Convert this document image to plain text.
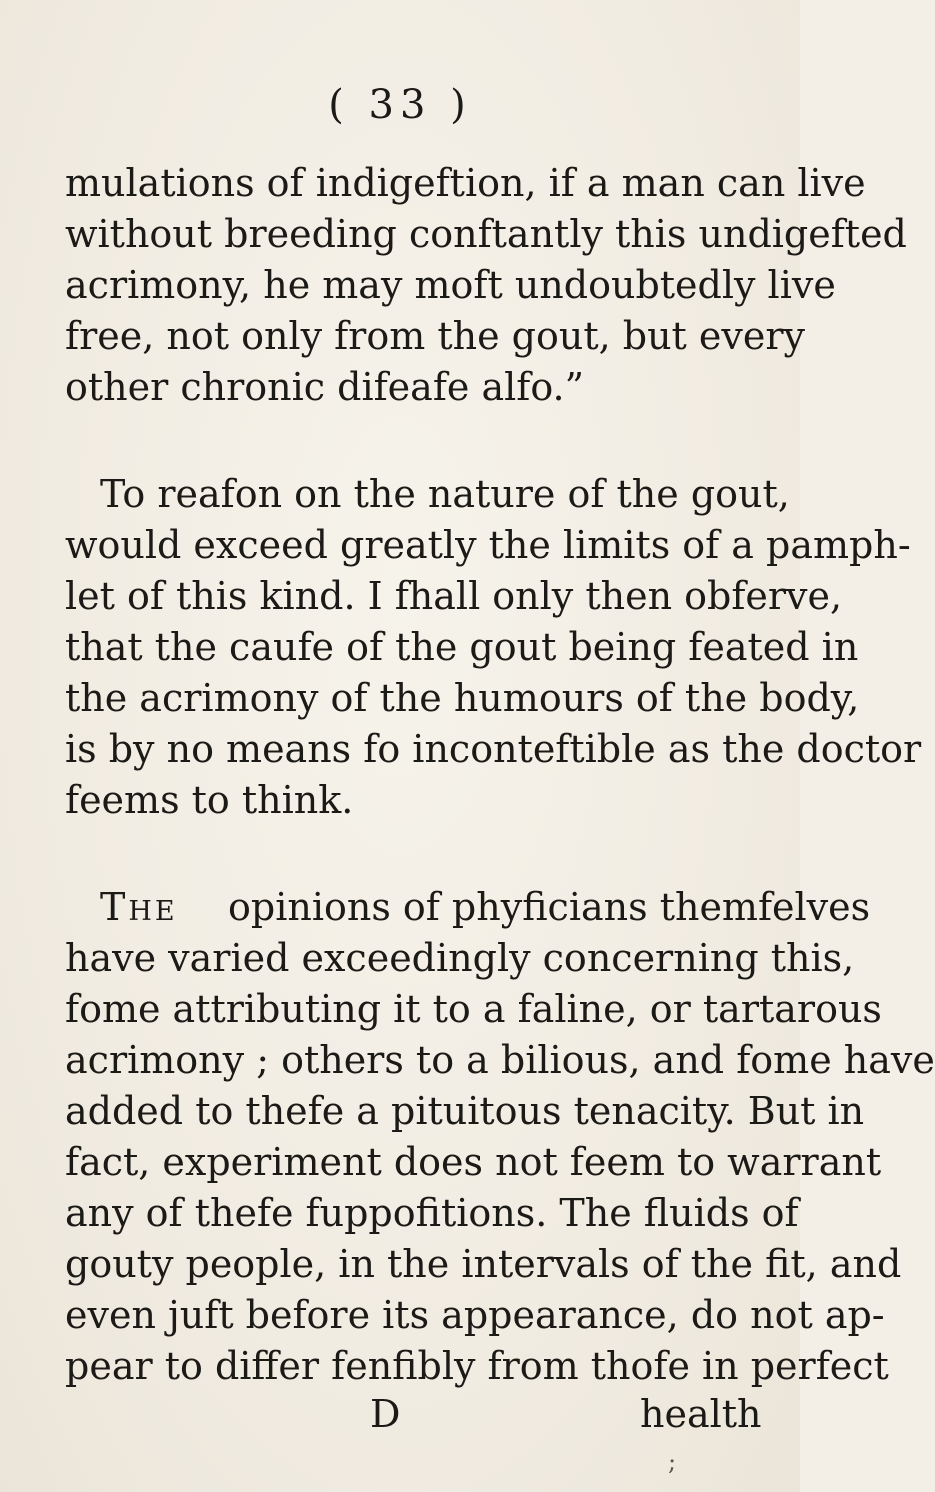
( 33 )
mulations of indigeftion, if a man can live
without breeding conftantly this undigefted
acrimony, he may moft undoubtedly live
free, not only from the gout, but every
other chronic difeafe alfo.”
To reafon on the nature of the gout,
would exceed greatly the limits of a pamph-
let of this kind. I fhall only then obferve,
that the caufe of the gout being feated in
the acrimony of the humours of the body,
is by no means fo inconteftible as the doctor
feems to think.
The	opinions of phyficians themfelves
have varied exceedingly concerning this,
fome attributing it to a faline, or tartarous
acrimony ; others to a bilious, and fome have
added to thefe a pituitous tenacity. But in
fact, experiment does not feem to warrant
any of thefe fuppofitions. The fluids of
gouty people, in the intervals of the fit, and
even juft before its appearance, do not ap-
pear to differ fenfibly from thofe in perfect
D	health
;
